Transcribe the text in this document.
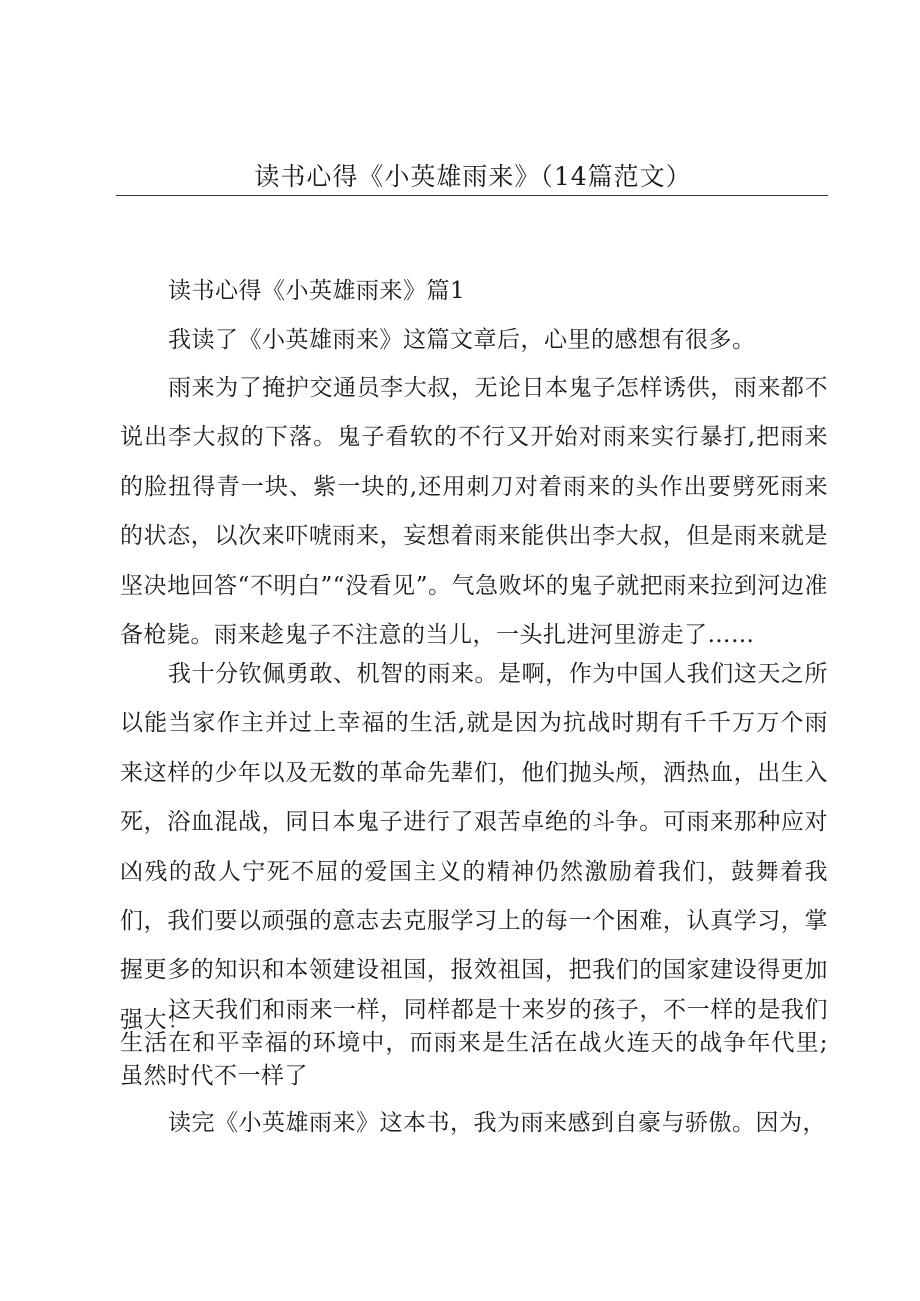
读书心得《小英雄雨来》（14篇范文）

读书心得《小英雄雨来》篇1

我读了《小英雄雨来》这篇文章后，心里的感想有很多。

雨来为了掩护交通员李大叔，无论日本鬼子怎样诱供，雨来都不说出李大叔的下落。鬼子看软的不行又开始对雨来实行暴打,把雨来的脸扭得青一块、紫一块的,还用刺刀对着雨来的头作出要劈死雨来的状态，以次来吓唬雨来，妄想着雨来能供出李大叔，但是雨来就是坚决地回答“不明白”“没看见”。气急败坏的鬼子就把雨来拉到河边准备枪毙。雨来趁鬼子不注意的当儿，一头扎进河里游走了……

我十分钦佩勇敢、机智的雨来。是啊，作为中国人我们这天之所以能当家作主并过上幸福的生活,就是因为抗战时期有千千万万个雨来这样的少年以及无数的革命先辈们，他们抛头颅，洒热血，出生入死，浴血混战，同日本鬼子进行了艰苦卓绝的斗争。可雨来那种应对凶残的敌人宁死不屈的爱国主义的精神仍然激励着我们，鼓舞着我们，我们要以顽强的意志去克服学习上的每一个困难，认真学习，掌握更多的知识和本领建设祖国，报效祖国，把我们的国家建设得更加强大！

这天我们和雨来一样，同样都是十来岁的孩子，不一样的是我们生活在和平幸福的环境中，而雨来是生活在战火连天的战争年代里;虽然时代不一样了

读完《小英雄雨来》这本书，我为雨来感到自豪与骄傲。因为，
